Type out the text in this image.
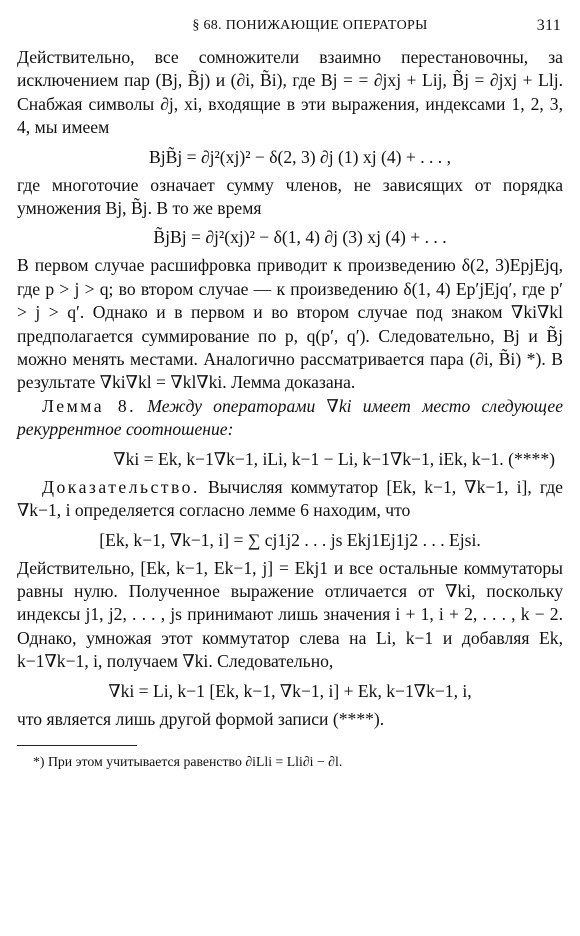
§ 68. ПОНИЖАЮЩИЕ ОПЕРАТОРЫ	311

Действительно, все сомножители взаимно перестановочны, за исключением пар (Bj, B̃j) и (∂i, B̃i), где Bj = = ∂jxj + Lij, B̃j = ∂jxj + Llj. Снабжая символы ∂j, xi, входящие в эти выражения, индексами 1, 2, 3, 4, мы имеем

BjB̃j = ∂j²(xj)² − δ(2, 3) ∂j (1) xj (4) + . . . ,

где многоточие означает сумму членов, не зависящих от порядка умножения Bj, B̃j. В то же время

B̃jBj = ∂j²(xj)² − δ(1, 4) ∂j (3) xj (4) + . . .

В первом случае расшифровка приводит к произведению δ(2, 3)EpjEjq, где p > j > q; во втором случае — к произведению δ(1, 4) Ep′jEjq′, где p′ > j > q′. Однако и в первом и во втором случае под знаком ∇ki∇kl предполагается суммирование по p, q(p′, q′). Следовательно, Bj и B̃j можно менять местами. Аналогично рассматривается пара (∂i, B̃i) *). В результате ∇ki∇kl = ∇kl∇ki. Лемма доказана.

Лемма 8. Между операторами ∇ki имеет место следующее рекуррентное соотношение:

∇ki = Ek, k−1∇k−1, iLi, k−1 − Li, k−1∇k−1, iEk, k−1. (****)

Доказательство. Вычисляя коммутатор [Ek, k−1, ∇k−1, i], где ∇k−1, i определяется согласно лемме 6 находим, что

[Ek, k−1, ∇k−1, i] = ∑ cj1j2 . . . js Ekj1Ej1j2 . . . Ejsi.

Действительно, [Ek, k−1, Ek−1, j] = Ekj1 и все остальные коммутаторы равны нулю. Полученное выражение отличается от ∇ki, поскольку индексы j1, j2, . . . , js принимают лишь значения i + 1, i + 2, . . . , k − 2. Однако, умножая этот коммутатор слева на Li, k−1 и добавляя Ek, k−1∇k−1, i, получаем ∇ki. Следовательно,

∇ki = Li, k−1 [Ek, k−1, ∇k−1, i] + Ek, k−1∇k−1, i,

что является лишь другой формой записи (****).

*) При этом учитывается равенство ∂iLli = Lli∂i − ∂l.
